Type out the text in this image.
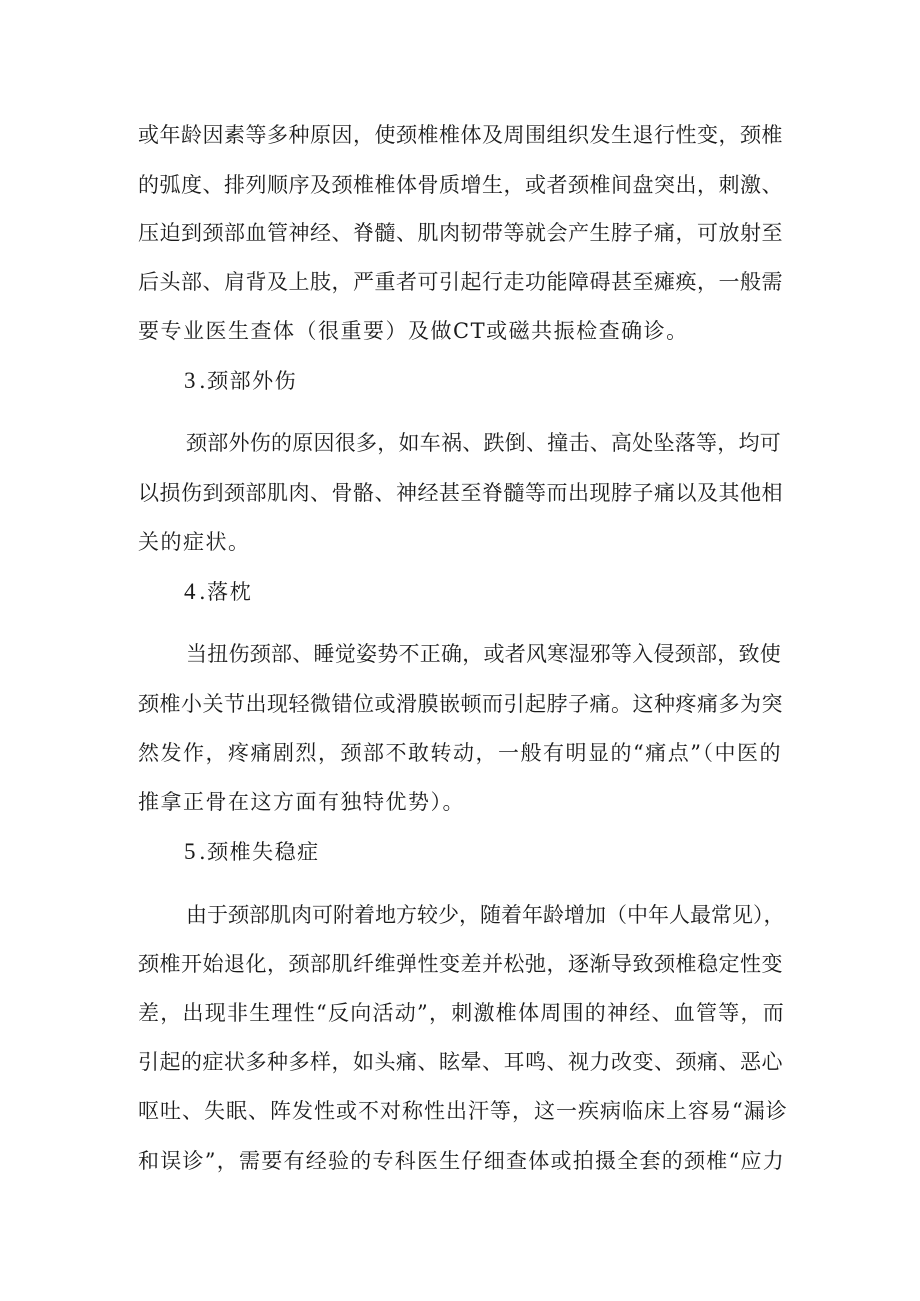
或年龄因素等多种原因，使颈椎椎体及周围组织发生退行性变，颈椎
的弧度、排列顺序及颈椎椎体骨质增生，或者颈椎间盘突出，刺激、
压迫到颈部血管神经、脊髓、肌肉韧带等就会产生脖子痛，可放射至
后头部、肩背及上肢，严重者可引起行走功能障碍甚至瘫痪，一般需
要专业医生查体（很重要）及做CT或磁共振检查确诊。
3.颈部外伤
颈部外伤的原因很多，如车祸、跌倒、撞击、高处坠落等，均可
以损伤到颈部肌肉、骨骼、神经甚至脊髓等而出现脖子痛以及其他相
关的症状。
4.落枕
当扭伤颈部、睡觉姿势不正确，或者风寒湿邪等入侵颈部，致使
颈椎小关节出现轻微错位或滑膜嵌顿而引起脖子痛。这种疼痛多为突
然发作，疼痛剧烈，颈部不敢转动，一般有明显的“痛点”（中医的
推拿正骨在这方面有独特优势）。
5.颈椎失稳症
由于颈部肌肉可附着地方较少，随着年龄增加（中年人最常见），
颈椎开始退化，颈部肌纤维弹性变差并松弛，逐渐导致颈椎稳定性变
差，出现非生理性“反向活动”，刺激椎体周围的神经、血管等，而
引起的症状多种多样，如头痛、眩晕、耳鸣、视力改变、颈痛、恶心
呕吐、失眠、阵发性或不对称性出汗等，这一疾病临床上容易“漏诊
和误诊”，需要有经验的专科医生仔细查体或拍摄全套的颈椎“应力
